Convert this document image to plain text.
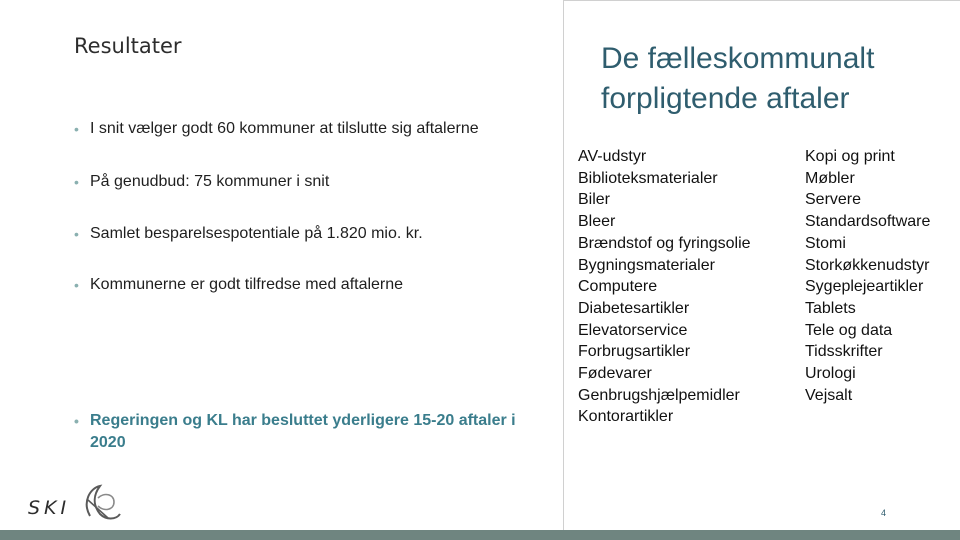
Resultater
• I snit vælger godt 60 kommuner at tilslutte sig aftalerne
• På genudbud: 75 kommuner i snit
• Samlet besparelsespotentiale på 1.820 mio. kr.
• Kommunerne er godt tilfredse med aftalerne
• Regeringen og KL har besluttet yderligere 15-20 aftaler i 2020
De fælleskommunalt forpligtende aftaler
AV-udstyr
Biblioteksmaterialer
Biler
Bleer
Brændstof og fyringsolie
Bygningsmaterialer
Computere
Diabetesartikler
Elevatorservice
Forbrugsartikler
Fødevarer
Genbrugshjælpemidler
Kontorartikler
Kopi og print
Møbler
Servere
Standardsoftware
Stomi
Storkøkkenudstyr
Sygeplejeartikler
Tablets
Tele og data
Tidsskrifter
Urologi
Vejsalt
SKI	4
